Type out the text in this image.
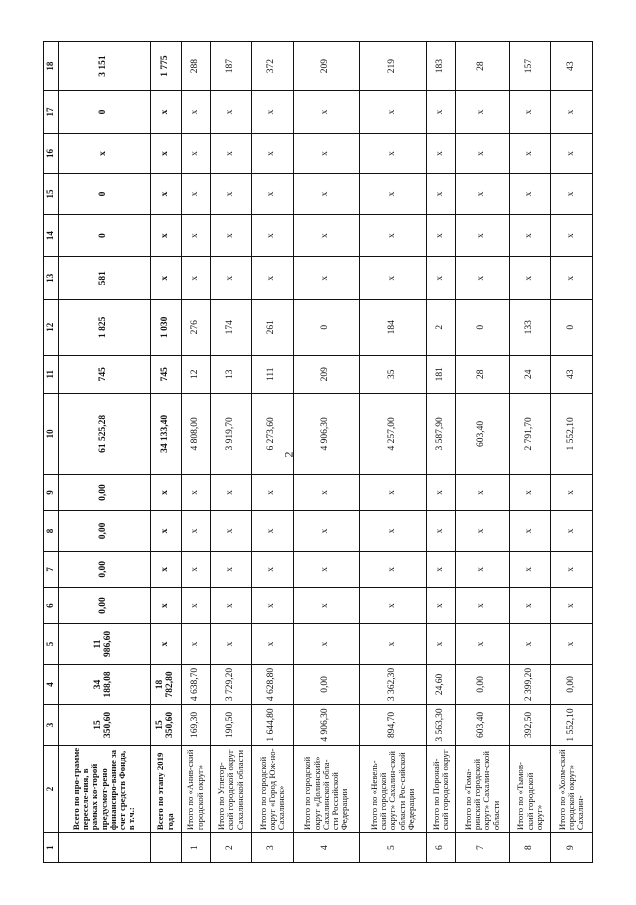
2
1	2	3	4	5	6	7	8	9	10	11	12	13	14	15	16	17	18
	Всего по про-грамме переселе-ния, в рамках ко-торой предусмот-рено финансиро-вание за счет средств Фонда, в т.ч.:	15 350,60	34 188,08	11 986,60	0,00	0,00	0,00	0,00	61 525,28	745	1 825	581	0	0	x	0	3 151
	Всего по этапу 2019 года	15 350,60	18 782,80	x	x	x	x	x	34 133,40	745	1 030	x	x	x	x	x	1 775
1	Итого по «Анив-ский городской округ»	169,30	4 638,70	x	x	x	x	x	4 808,00	12	276	x	x	x	x	x	288
2	Итого по Углегор-ский городской округ Сахалинской области	190,50	3 729,20	x	x	x	x	x	3 919,70	13	174	x	x	x	x	x	187
3	Итого по городской округ «Город Юж-но-Сахалинск»	1 644,80	4 628,80	x	x	x	x	x	6 273,60	111	261	x	x	x	x	x	372
4	Итого по городской округ «Долинский» Сахалинской обла-сти Российской Федерации	4 906,30	0,00	x	x	x	x	x	4 906,30	209	0	x	x	x	x	x	209
5	Итого по «Невель-ский городской округ» Сахалин-ской области Рос-сийской Федерации	894,70	3 362,30	x	x	x	x	x	4 257,00	35	184	x	x	x	x	x	219
6	Итого по Поронай-ский городской округ	3 563,30	24,60	x	x	x	x	x	3 587,90	181	2	x	x	x	x	x	183
7	Итого по «Тома-ринский городской округ» Сахалин-ской области	603,40	0,00	x	x	x	x	x	603,40	28	0	x	x	x	x	x	28
8	Итого по «Тымов-ский городской округ»	392,50	2 399,20	x	x	x	x	x	2 791,70	24	133	x	x	x	x	x	157
9	Итого по «Холм-ский городской округ» Сахалин-	1 552,10	0,00	x	x	x	x	x	1 552,10	43	0	x	x	x	x	x	43
